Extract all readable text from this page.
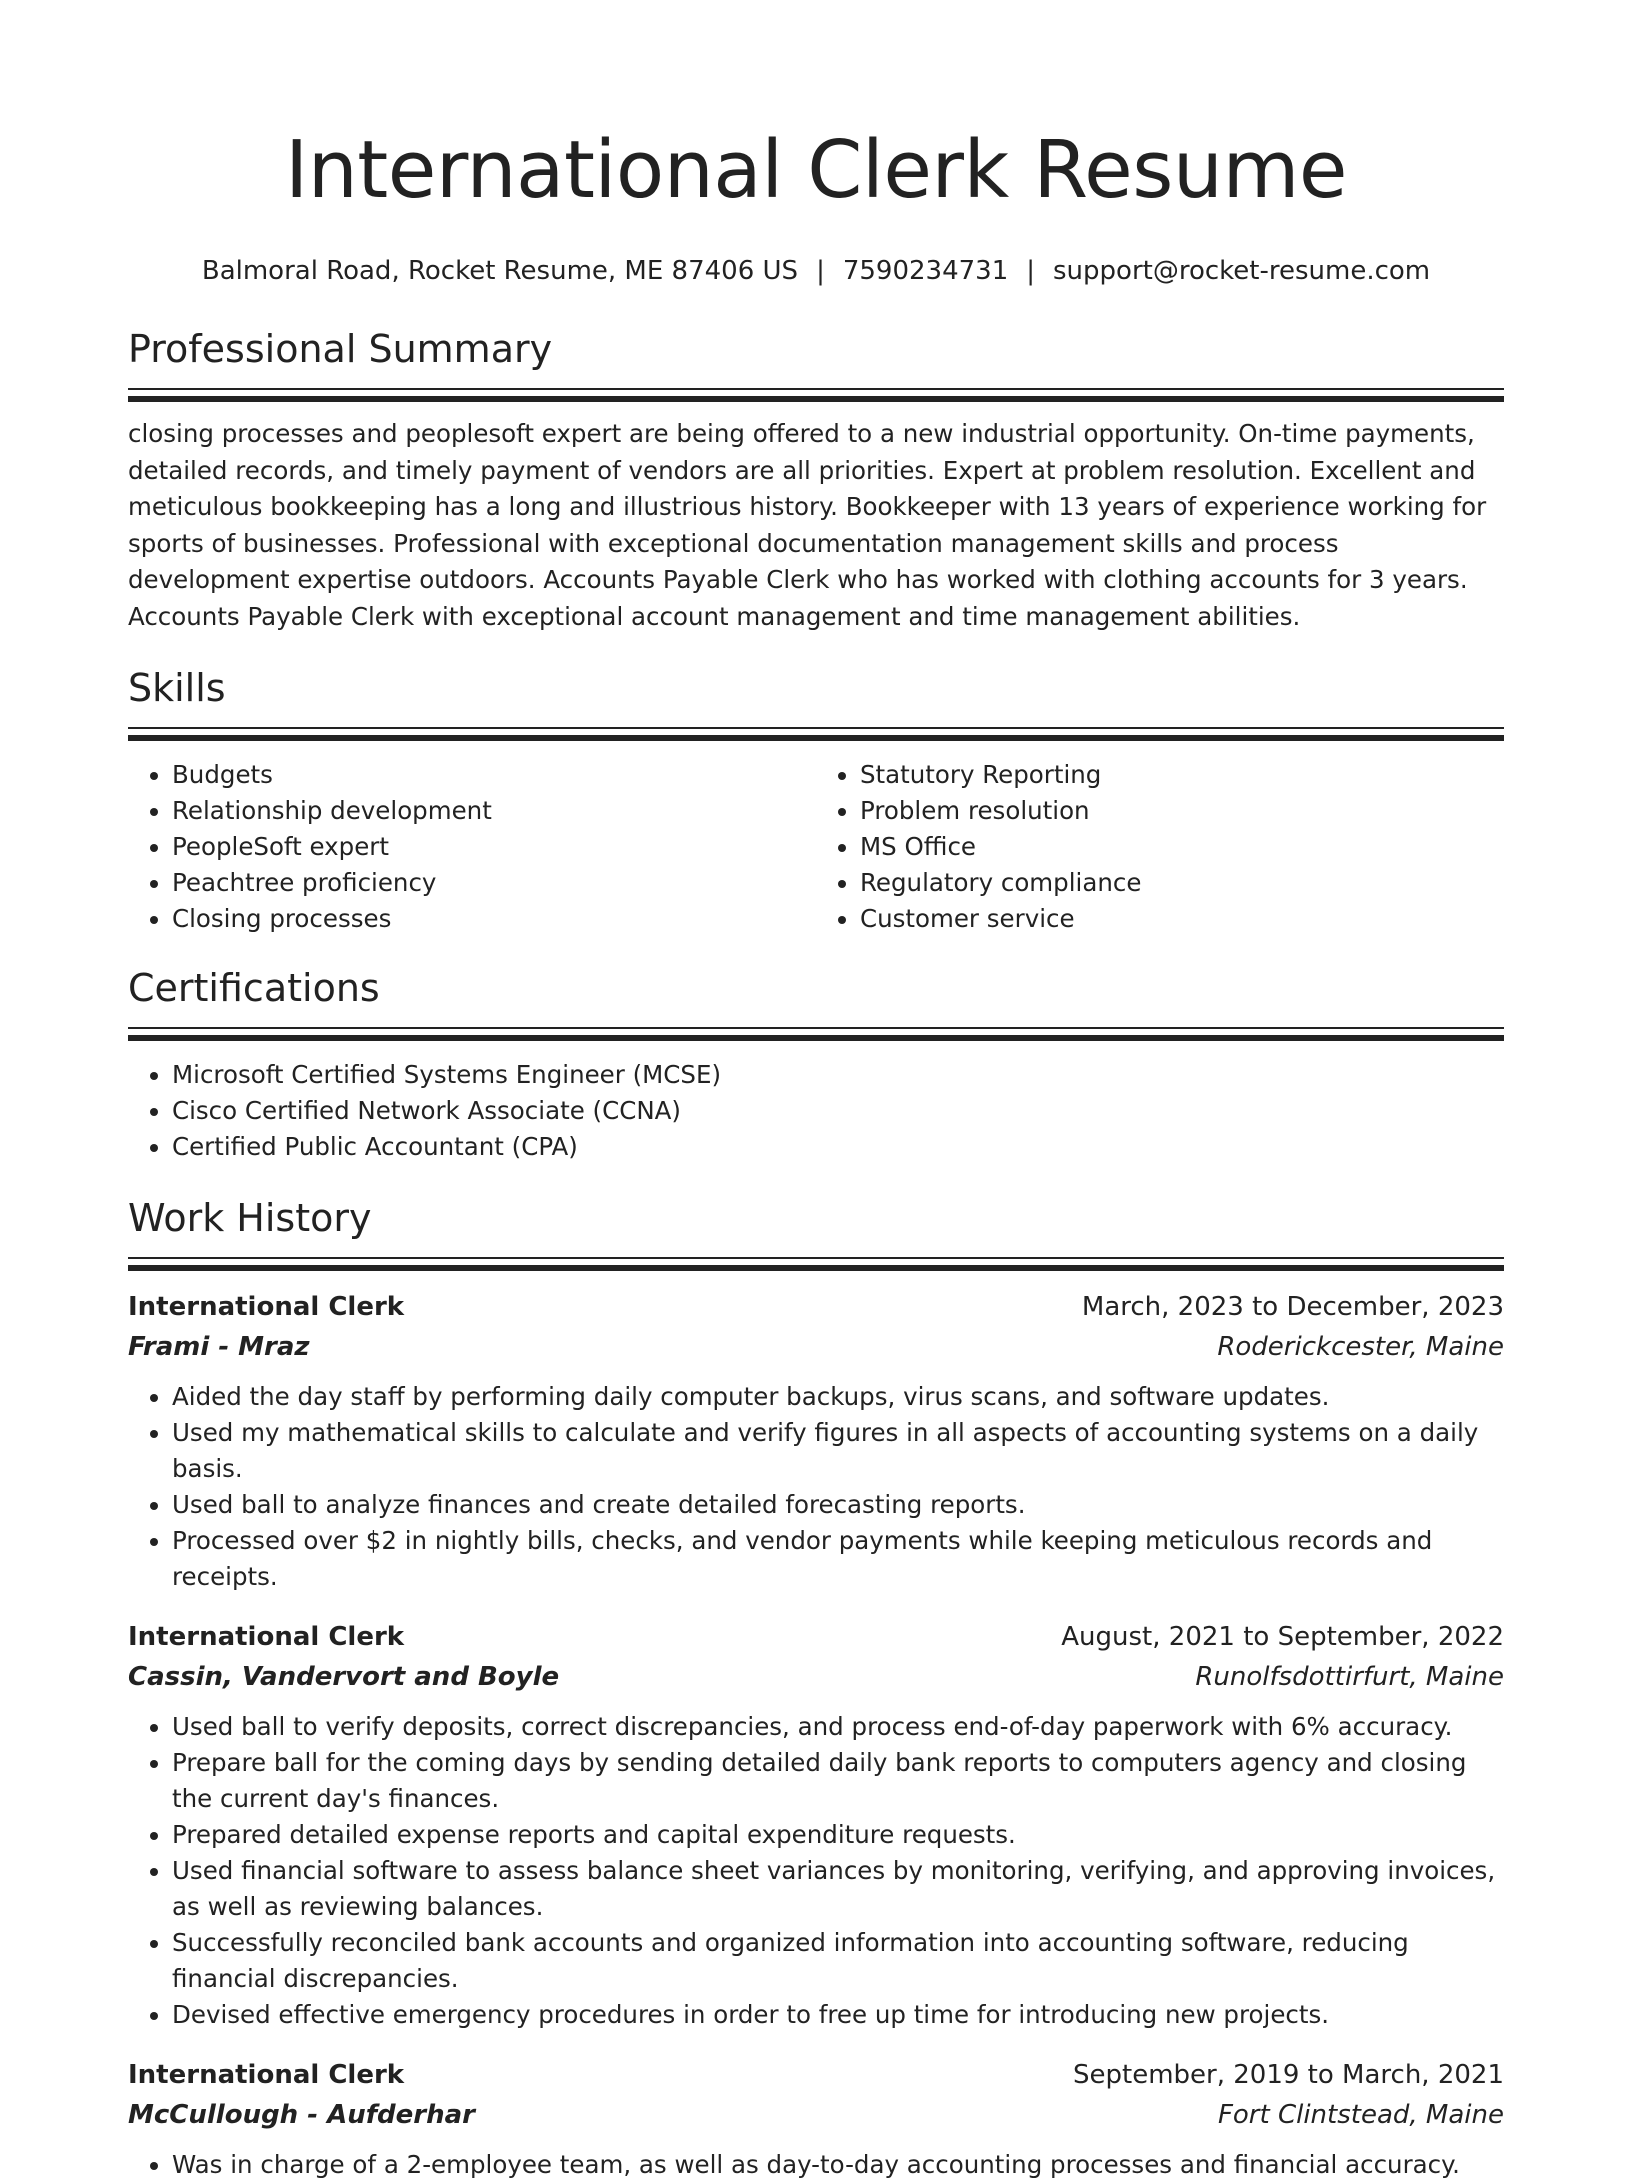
International Clerk Resume
Balmoral Road, Rocket Resume, ME 87406 US | 7590234731 | support@rocket-resume.com
Professional Summary
closing processes and peoplesoft expert are being offered to a new industrial opportunity. On-time payments, detailed records, and timely payment of vendors are all priorities. Expert at problem resolution. Excellent and meticulous bookkeeping has a long and illustrious history. Bookkeeper with 13 years of experience working for sports of businesses. Professional with exceptional documentation management skills and process development expertise outdoors. Accounts Payable Clerk who has worked with clothing accounts for 3 years. Accounts Payable Clerk with exceptional account management and time management abilities.
Skills
• Budgets
• Relationship development
• PeopleSoft expert
• Peachtree proficiency
• Closing processes
• Statutory Reporting
• Problem resolution
• MS Office
• Regulatory compliance
• Customer service
Certifications
• Microsoft Certified Systems Engineer (MCSE)
• Cisco Certified Network Associate (CCNA)
• Certified Public Accountant (CPA)
Work History
International Clerk	March, 2023 to December, 2023
Frami - Mraz	Roderickcester, Maine
• Aided the day staff by performing daily computer backups, virus scans, and software updates.
• Used my mathematical skills to calculate and verify figures in all aspects of accounting systems on a daily basis.
• Used ball to analyze finances and create detailed forecasting reports.
• Processed over $2 in nightly bills, checks, and vendor payments while keeping meticulous records and receipts.
International Clerk	August, 2021 to September, 2022
Cassin, Vandervort and Boyle	Runolfsdottirfurt, Maine
• Used ball to verify deposits, correct discrepancies, and process end-of-day paperwork with 6% accuracy.
• Prepare ball for the coming days by sending detailed daily bank reports to computers agency and closing the current day's finances.
• Prepared detailed expense reports and capital expenditure requests.
• Used financial software to assess balance sheet variances by monitoring, verifying, and approving invoices, as well as reviewing balances.
• Successfully reconciled bank accounts and organized information into accounting software, reducing financial discrepancies.
• Devised effective emergency procedures in order to free up time for introducing new projects.
International Clerk	September, 2019 to March, 2021
McCullough - Aufderhar	Fort Clintstead, Maine
• Was in charge of a 2-employee team, as well as day-to-day accounting processes and financial accuracy.
